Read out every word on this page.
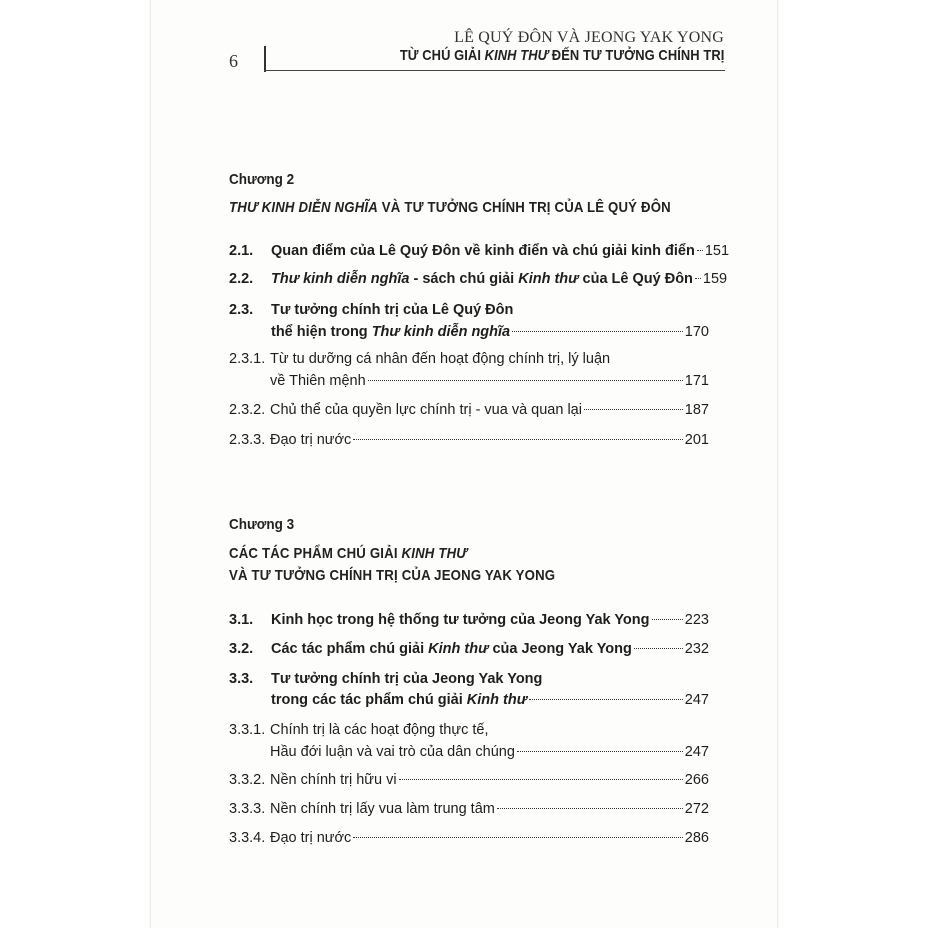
6
LÊ QUÝ ĐÔN VÀ JEONG YAK YONG
TỪ CHÚ GIẢI KINH THƯ ĐẾN TƯ TƯỞNG CHÍNH TRỊ
Chương 2
THƯ KINH DIỄN NGHĨA VÀ TƯ TƯỞNG CHÍNH TRỊ CỦA LÊ QUÝ ĐÔN
2.1. Quan điểm của Lê Quý Đôn về kinh điển và chú giải kinh điển 151
2.2. Thư kinh diễn nghĩa - sách chú giải Kinh thư của Lê Quý Đôn 159
2.3. Tư tưởng chính trị của Lê Quý Đôn
thể hiện trong Thư kinh diễn nghĩa	170
2.3.1. Từ tu dưỡng cá nhân đến hoạt động chính trị, lý luận
về Thiên mệnh	171
2.3.2. Chủ thể của quyền lực chính trị - vua và quan lại	187
2.3.3. Đạo trị nước	201
Chương 3
CÁC TÁC PHẨM CHÚ GIẢI KINH THƯ
VÀ TƯ TƯỞNG CHÍNH TRỊ CỦA JEONG YAK YONG
3.1. Kinh học trong hệ thống tư tưởng của Jeong Yak Yong 223
3.2. Các tác phẩm chú giải Kinh thư của Jeong Yak Yong	232
3.3. Tư tưởng chính trị của Jeong Yak Yong
trong các tác phẩm chú giải Kinh thư	247
3.3.1. Chính trị là các hoạt động thực tế,
Hầu đới luận và vai trò của dân chúng	247
3.3.2. Nền chính trị hữu vi	266
3.3.3. Nền chính trị lấy vua làm trung tâm	272
3.3.4. Đạo trị nước	286
